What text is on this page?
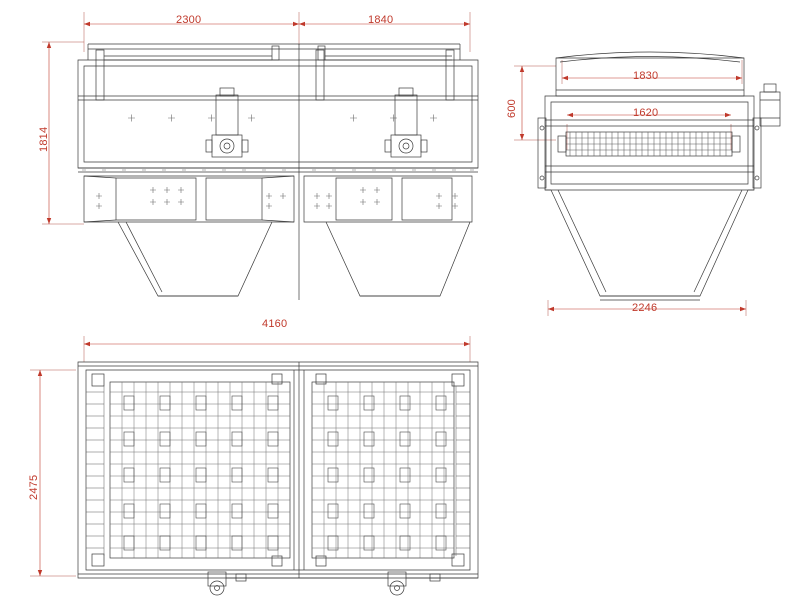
2300	1840
1814
1830
1620
600
2246
4160
2475
